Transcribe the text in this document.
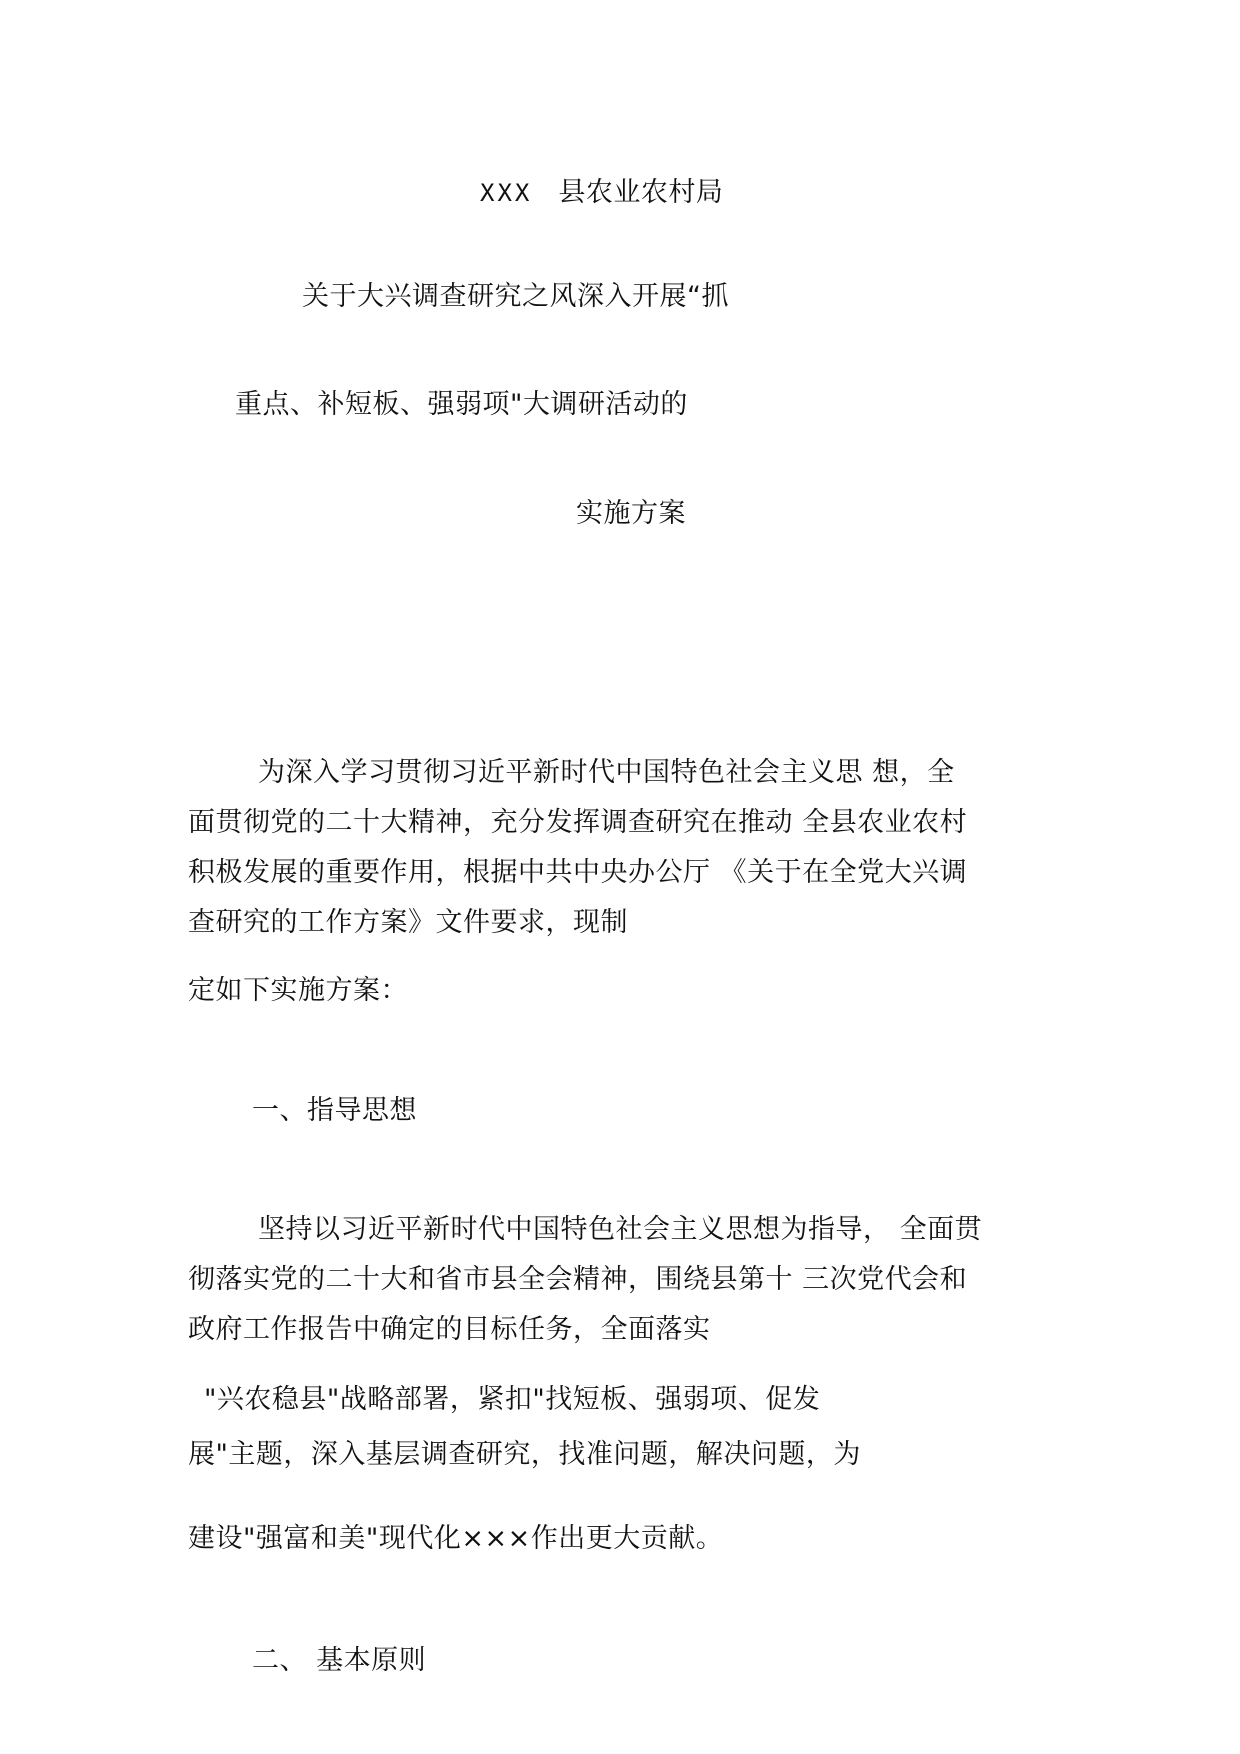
XXX 县农业农村局
关于大兴调查研究之风深入开展“抓
重点、补短板、强弱项"大调研活动的
实施方案
为深入学习贯彻习近平新时代中国特色社会主义思 想，全
面贯彻党的二十大精神，充分发挥调查研究在推动 全县农业农村
积极发展的重要作用，根据中共中央办公厅 《关于在全党大兴调
查研究的工作方案》文件要求，现制
定如下实施方案：
一、指导思想
坚持以习近平新时代中国特色社会主义思想为指导， 全面贯
彻落实党的二十大和省市县全会精神，围绕县第十 三次党代会和
政府工作报告中确定的目标任务，全面落实
"兴农稳县"战略部署，紧扣"找短板、强弱项、促发
展"主题，深入基层调查研究，找准问题，解决问题，为
建设"强富和美"现代化×××作出更大贡献。
二、 基本原则
